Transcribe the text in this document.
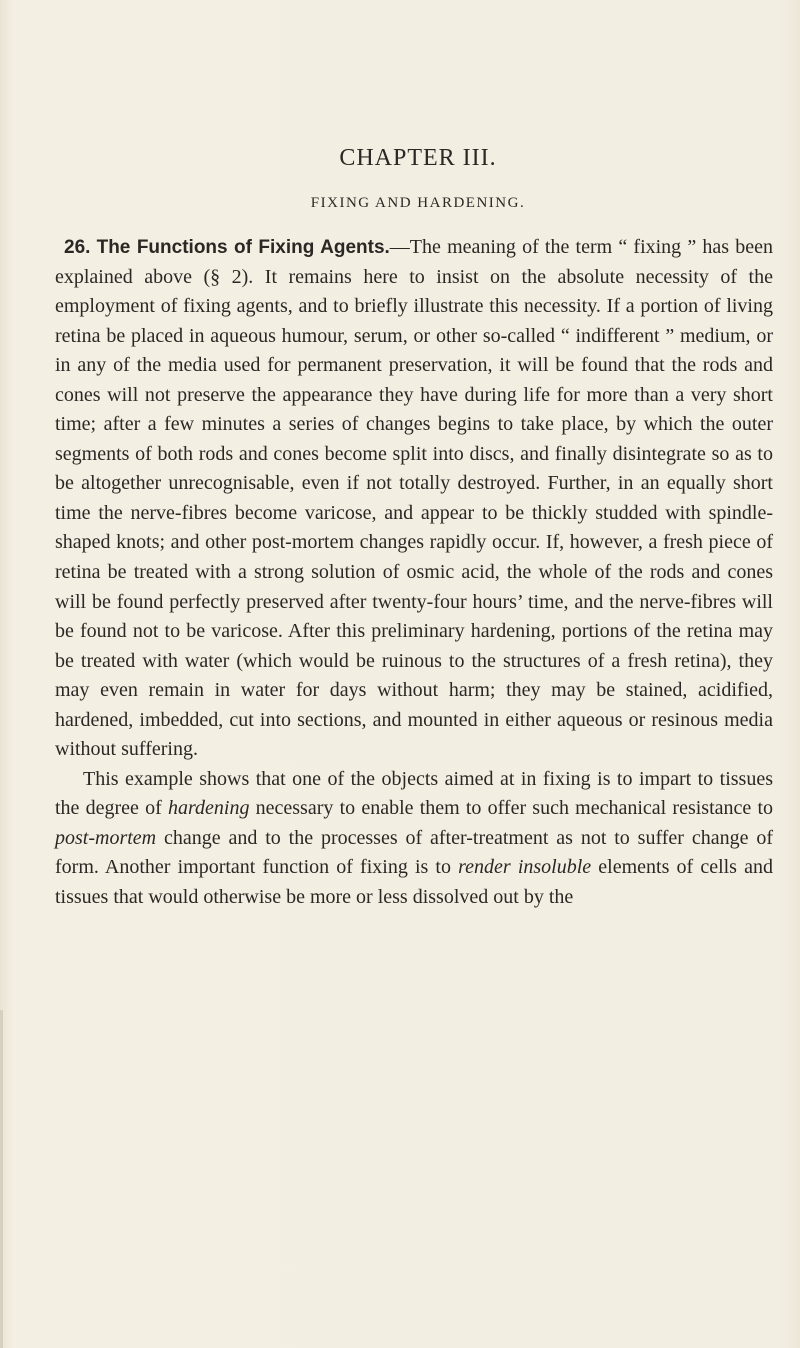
CHAPTER III.
FIXING AND HARDENING.

26. The Functions of Fixing Agents.—The meaning of the term “ fixing ” has been explained above (§ 2). It remains here to insist on the absolute necessity of the employment of fixing agents, and to briefly illustrate this necessity. If a portion of living retina be placed in aqueous humour, serum, or other so-called “ indifferent ” medium, or in any of the media used for permanent preservation, it will be found that the rods and cones will not preserve the appearance they have during life for more than a very short time; after a few minutes a series of changes begins to take place, by which the outer segments of both rods and cones become split into discs, and finally disintegrate so as to be altogether unrecognisable, even if not totally destroyed. Further, in an equally short time the nerve-fibres become varicose, and appear to be thickly studded with spindle-shaped knots; and other post-mortem changes rapidly occur. If, however, a fresh piece of retina be treated with a strong solution of osmic acid, the whole of the rods and cones will be found perfectly preserved after twenty-four hours’ time, and the nerve-fibres will be found not to be varicose. After this preliminary hardening, portions of the retina may be treated with water (which would be ruinous to the structures of a fresh retina), they may even remain in water for days without harm; they may be stained, acidified, hardened, imbedded, cut into sections, and mounted in either aqueous or resinous media without suffering.

This example shows that one of the objects aimed at in fixing is to impart to tissues the degree of hardening necessary to enable them to offer such mechanical resistance to post-mortem change and to the processes of after-treatment as not to suffer change of form. Another important function of fixing is to render insoluble elements of cells and tissues that would otherwise be more or less dissolved out by the
